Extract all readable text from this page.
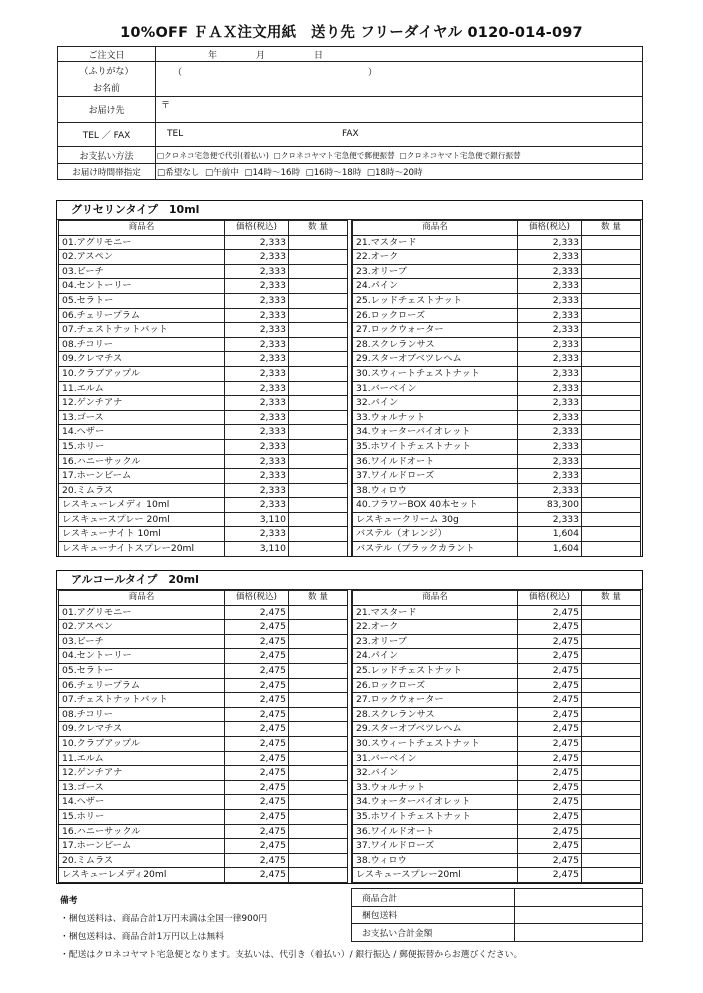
10%OFF ＦＡＸ注文用紙　送り先 フリーダイヤル 0120-014-097
ご注文日	年 月 日

（ふりがな）	（ ）

お名前	
お届け先	〒
TEL ／ FAX	TEL FAX

お支払い方法	□クロネコ宅急便で代引(着払い) □クロネコヤマト宅急便で郵便振替 □クロネコヤマト宅急便で銀行振替
お届け時間帯指定	□希望なし □午前中 □14時～16時 □16時～18時 □18時～20時
グリセリンタイプ　10ml
商品名	価格(税込)	数 量
01.アグリモニー	2,333	
02.アスペン	2,333	
03.ビーチ	2,333	
04.セントーリー	2,333	
05.セラトー	2,333	
06.チェリープラム	2,333	
07.チェストナットバット	2,333	
08.チコリー	2,333	
09.クレマチス	2,333	
10.クラブアップル	2,333	
11.エルム	2,333	
12.ゲンチアナ	2,333	
13.ゴース	2,333	
14.ヘザー	2,333	
15.ホリー	2,333	
16.ハニーサックル	2,333	
17.ホーンビーム	2,333	
20.ミムラス	2,333	
レスキューレメディ 10ml	2,333	
レスキュースプレー 20ml	3,110	
レスキューナイト 10ml	2,333	
レスキューナイトスプレー20ml	3,110	
商品名	価格(税込)	数 量
21.マスタード	2,333	
22.オーク	2,333	
23.オリーブ	2,333	
24.パイン	2,333	
25.レッドチェストナット	2,333	
26.ロックローズ	2,333	
27.ロックウォーター	2,333	
28.スクレランサス	2,333	
29.スターオブベツレヘム	2,333	
30.スウィートチェストナット	2,333	
31.バーベイン	2,333	
32.バイン	2,333	
33.ウォルナット	2,333	
34.ウォーターバイオレット	2,333	
35.ホワイトチェストナット	2,333	
36.ワイルドオート	2,333	
37.ワイルドローズ	2,333	
38.ウィロウ	2,333	
40.フラワーBOX 40本セット	83,300	
レスキュークリーム 30g	2,333	
バステル（オレンジ）	1,604	
バステル（ブラックカラント	1,604	
アルコールタイプ　20ml
商品名	価格(税込)	数 量
01.アグリモニー	2,475	
02.アスペン	2,475	
03.ビーチ	2,475	
04.セントーリー	2,475	
05.セラトー	2,475	
06.チェリープラム	2,475	
07.チェストナットバット	2,475	
08.チコリー	2,475	
09.クレマチス	2,475	
10.クラブアップル	2,475	
11.エルム	2,475	
12.ゲンチアナ	2,475	
13.ゴース	2,475	
14.ヘザー	2,475	
15.ホリー	2,475	
16.ハニーサックル	2,475	
17.ホーンビーム	2,475	
20.ミムラス	2,475	
レスキューレメディ20ml	2,475	
商品名	価格(税込)	数 量
21.マスタード	2,475	
22.オーク	2,475	
23.オリーブ	2,475	
24.パイン	2,475	
25.レッドチェストナット	2,475	
26.ロックローズ	2,475	
27.ロックウォーター	2,475	
28.スクレランサス	2,475	
29.スターオブベツレヘム	2,475	
30.スウィートチェストナット	2,475	
31.バーベイン	2,475	
32.バイン	2,475	
33.ウォルナット	2,475	
34.ウォーターバイオレット	2,475	
35.ホワイトチェストナット	2,475	
36.ワイルドオート	2,475	
37.ワイルドローズ	2,475	
38.ウィロウ	2,475	
レスキュースプレー20ml	2,475	
備考
・梱包送料は、商品合計1万円未満は全国一律900円
・梱包送料は、商品合計1万円以上は無料
・配送はクロネコヤマト宅急便となります。支払いは、代引き（着払い）/ 銀行振込 / 郵便振替からお選びください。
商品合計	
梱包送料	
お支払い合計金額	
